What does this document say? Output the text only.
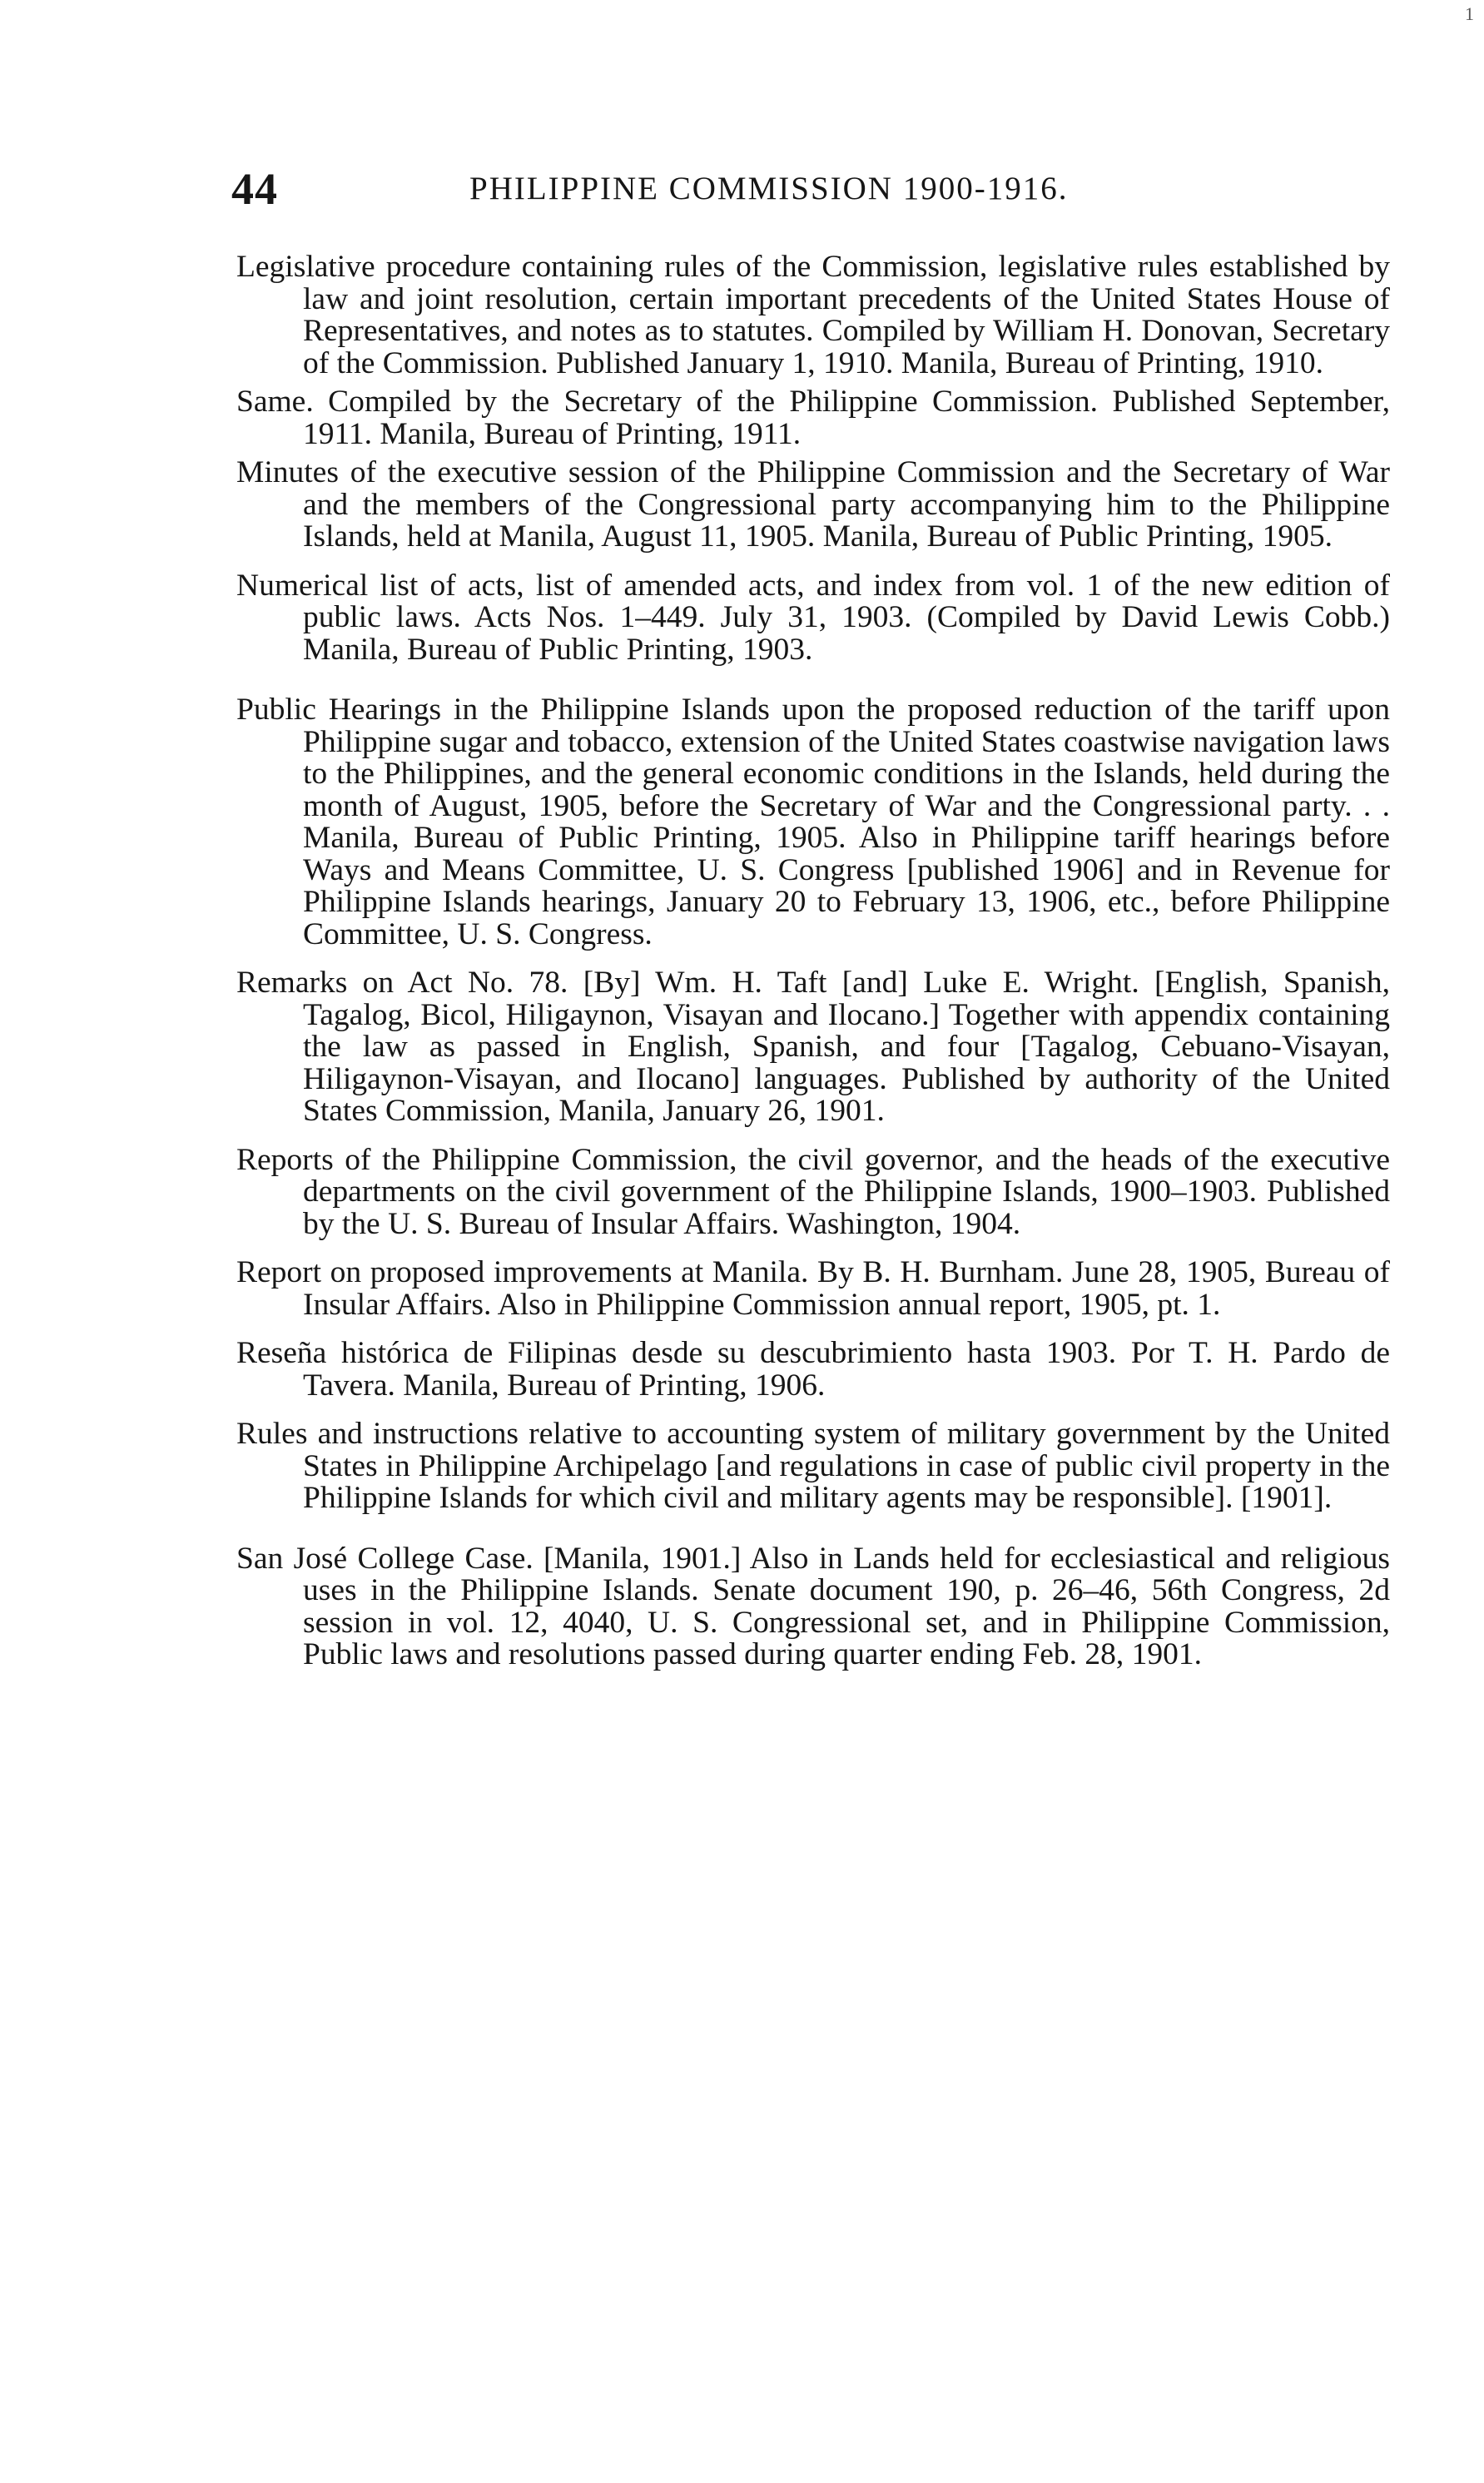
1
44	PHILIPPINE COMMISSION 1900-1916.

Legislative procedure containing rules of the Commission, legislative rules established by law and joint resolution, certain important precedents of the United States House of Representatives, and notes as to statutes. Compiled by William H. Donovan, Secretary of the Commission. Published January 1, 1910. Manila, Bureau of Printing, 1910.

Same. Compiled by the Secretary of the Philippine Commission. Published September, 1911. Manila, Bureau of Printing, 1911.

Minutes of the executive session of the Philippine Commission and the Secretary of War and the members of the Congressional party accompanying him to the Philippine Islands, held at Manila, August 11, 1905. Manila, Bureau of Public Printing, 1905.

Numerical list of acts, list of amended acts, and index from vol. 1 of the new edition of public laws. Acts Nos. 1–449. July 31, 1903. (Compiled by David Lewis Cobb.) Manila, Bureau of Public Printing, 1903.

Public Hearings in the Philippine Islands upon the proposed reduction of the tariff upon Philippine sugar and tobacco, extension of the United States coastwise navigation laws to the Philippines, and the general economic conditions in the Islands, held during the month of August, 1905, before the Secretary of War and the Congressional party. . . Manila, Bureau of Public Printing, 1905. Also in Philippine tariff hearings before Ways and Means Committee, U. S. Congress [published 1906] and in Revenue for Philippine Islands hearings, January 20 to February 13, 1906, etc., before Philippine Committee, U. S. Congress.

Remarks on Act No. 78. [By] Wm. H. Taft [and] Luke E. Wright. [English, Spanish, Tagalog, Bicol, Hiligaynon, Visayan and Ilocano.] Together with appendix containing the law as passed in English, Spanish, and four [Tagalog, Cebuano-Visayan, Hiligaynon-Visayan, and Ilocano] languages. Published by authority of the United States Commission, Manila, January 26, 1901.

Reports of the Philippine Commission, the civil governor, and the heads of the executive departments on the civil government of the Philippine Islands, 1900–1903. Published by the U. S. Bureau of Insular Affairs. Washington, 1904.

Report on proposed improvements at Manila. By B. H. Burnham. June 28, 1905, Bureau of Insular Affairs. Also in Philippine Commission annual report, 1905, pt. 1.

Reseña histórica de Filipinas desde su descubrimiento hasta 1903. Por T. H. Pardo de Tavera. Manila, Bureau of Printing, 1906.

Rules and instructions relative to accounting system of military government by the United States in Philippine Archipelago [and regulations in case of public civil property in the Philippine Islands for which civil and military agents may be responsible]. [1901].

San José College Case. [Manila, 1901.] Also in Lands held for ecclesiastical and religious uses in the Philippine Islands. Senate document 190, p. 26–46, 56th Congress, 2d session in vol. 12, 4040, U. S. Congressional set, and in Philippine Commission, Public laws and resolutions passed during quarter ending Feb. 28, 1901.
